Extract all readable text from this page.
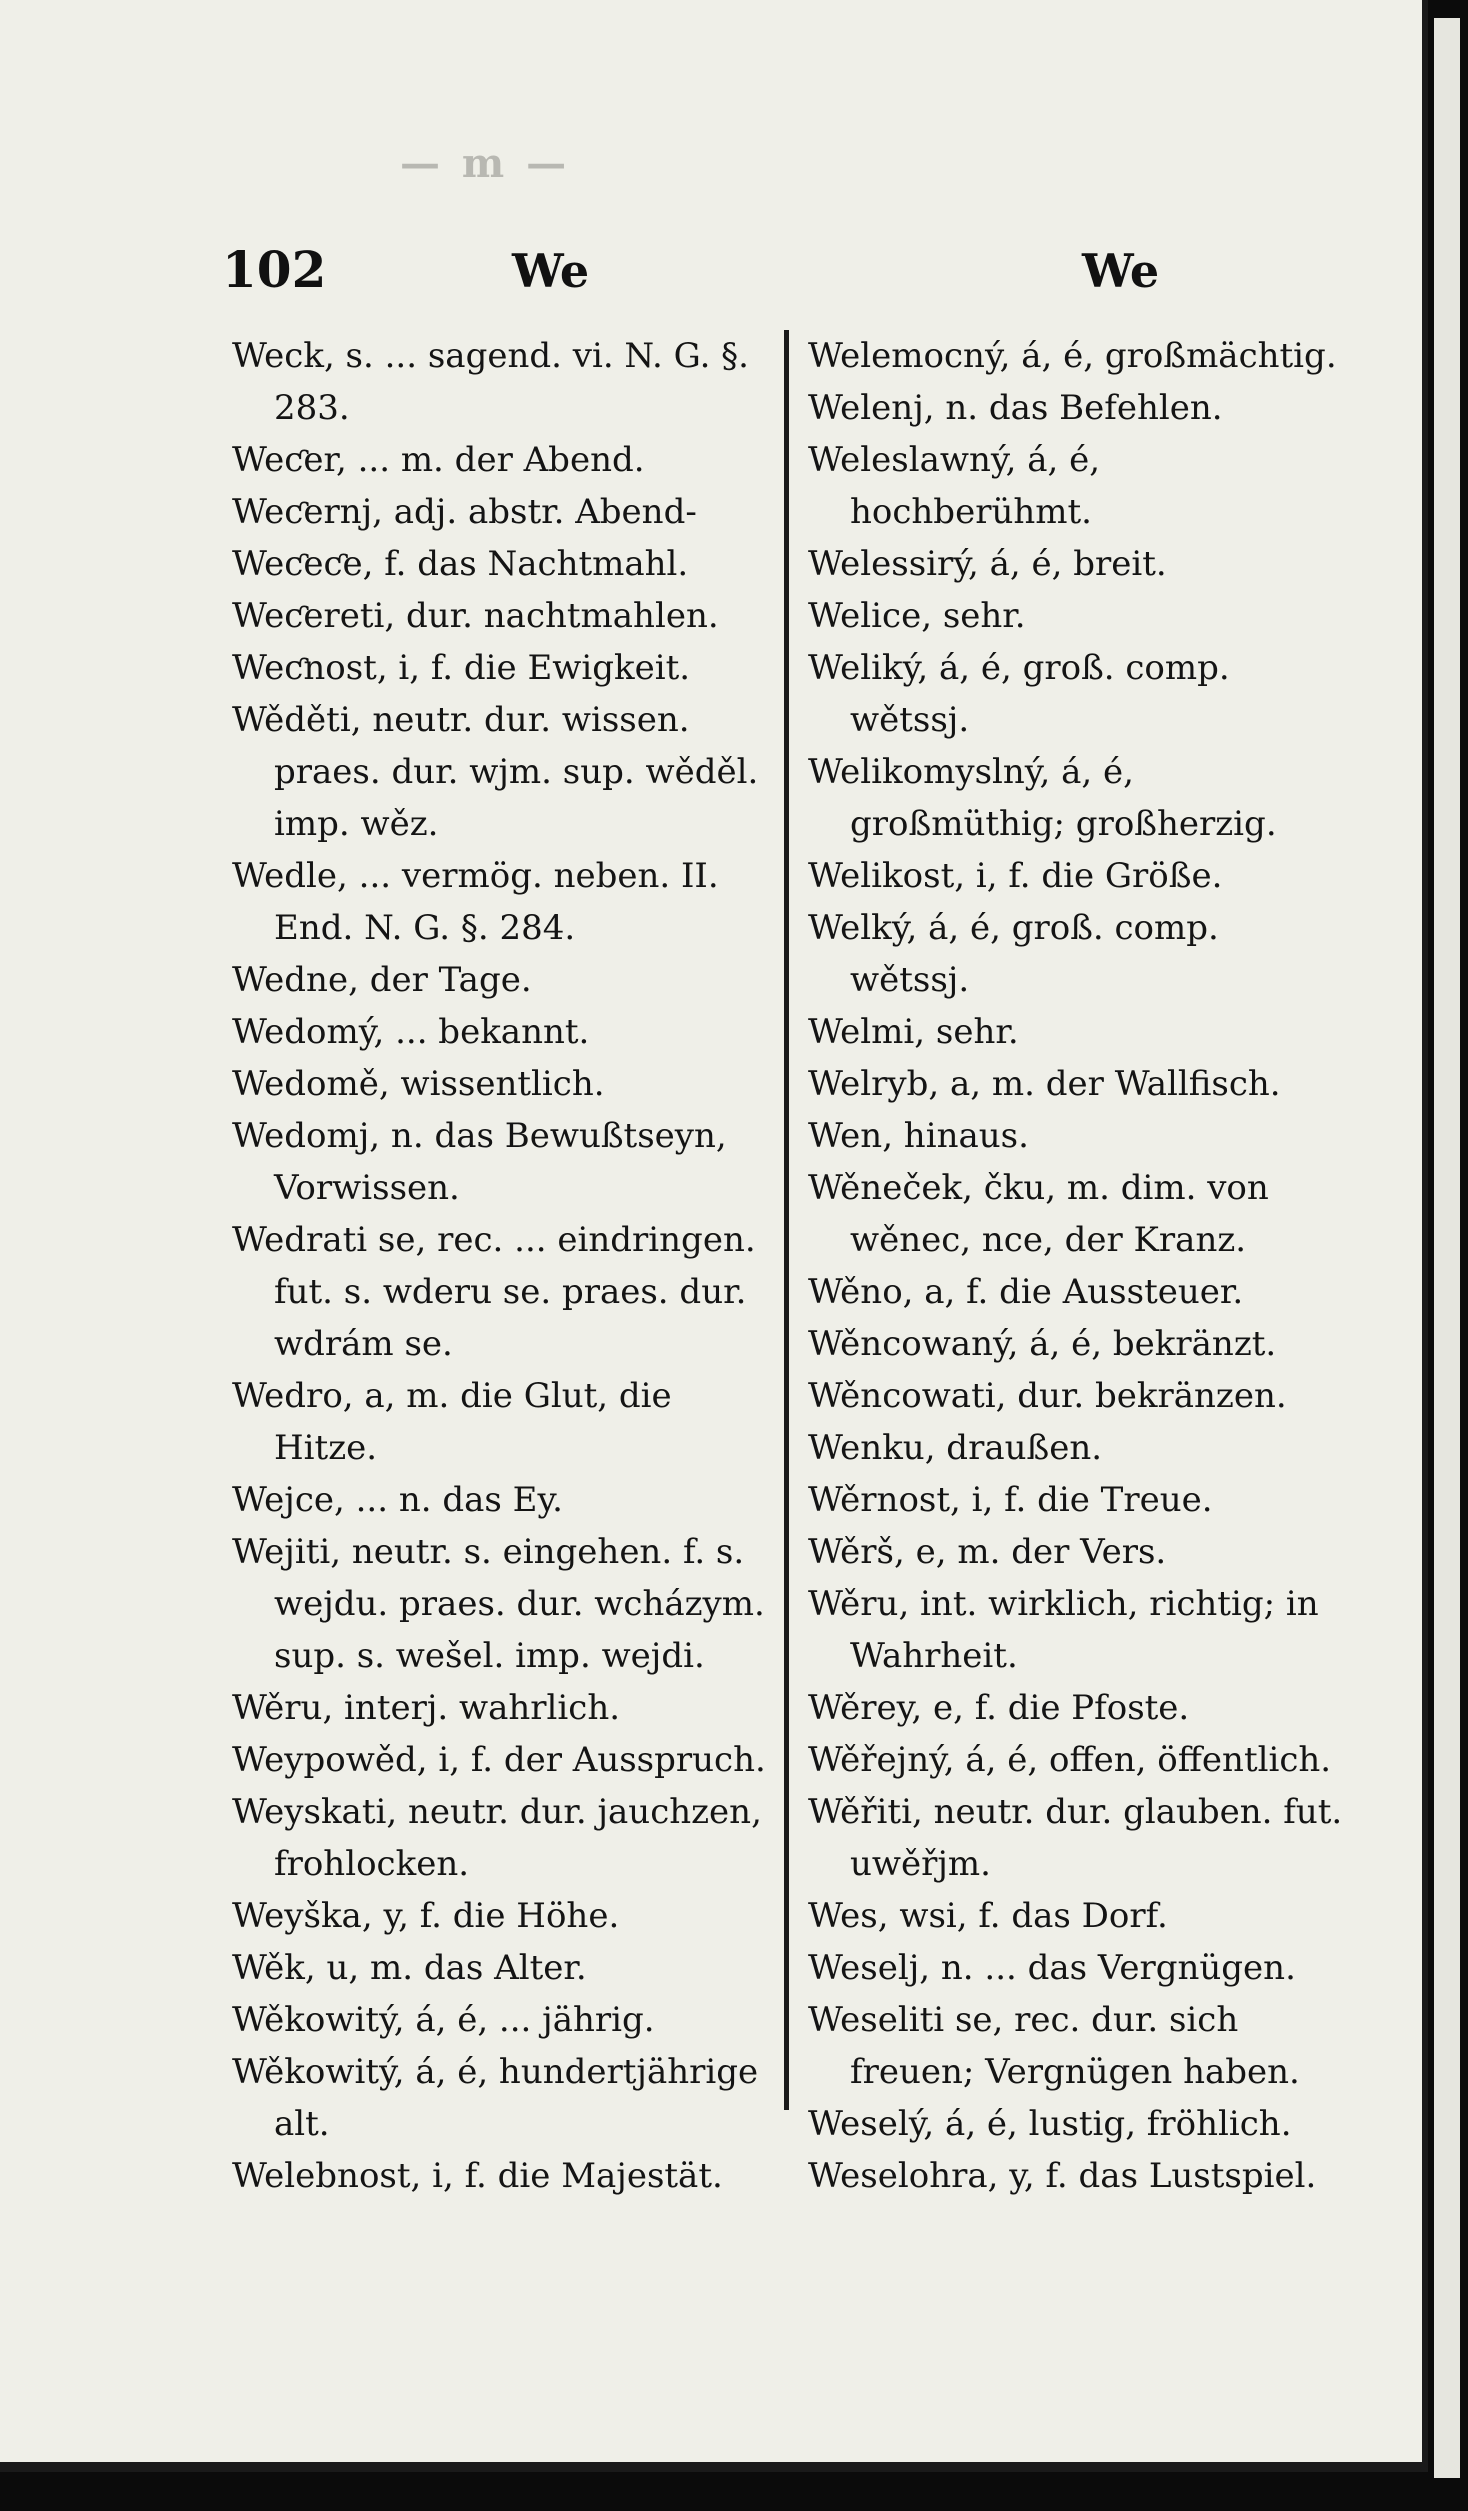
— m —
102	We	We

Weck, s. ... sagend. vi. N. G. §. 283.

Weƈer, ... m. der Abend.

Weƈernj, adj. abstr. Abend-

Weƈeƈe, f. das Nachtmahl.

Weƈereti, dur. nachtmahlen.

Weƈnost, i, f. die Ewigkeit.

Wěděti, neutr. dur. wissen. praes. dur. wjm. sup. wěděl. imp. wěz.

Wedle, ... vermög. neben. II. End. N. G. §. 284.

Wedne, der Tage.

Wedomý, ... bekannt.

Wedomě, wissentlich.

Wedomj, n. das Bewußtseyn, Vorwissen.

Wedrati se, rec. ... eindringen. fut. s. wderu se. praes. dur. wdrám se.

Wedro, a, m. die Glut, die Hitze.

Wejce, ... n. das Ey.

Wejiti, neutr. s. eingehen. f. s. wejdu. praes. dur. wcházym. sup. s. wešel. imp. wejdi.

Wěru, interj. wahrlich.

Weypowěd, i, f. der Ausspruch.

Weyskati, neutr. dur. jauchzen, frohlocken.

Weyška, y, f. die Höhe.

Wěk, u, m. das Alter.

Wěkowitý, á, é, ... jährig.

Wěkowitý, á, é, hundertjährige alt.

Welebnost, i, f. die Majestät.

Welemocný, á, é, großmächtig.

Welenj, n. das Befehlen.

Weleslawný, á, é, hochberühmt.

Welessirý, á, é, breit.

Welice, sehr.

Weliký, á, é, groß. comp. wětssj.

Welikomyslný, á, é, großmüthig; großherzig.

Welikost, i, f. die Größe.

Welký, á, é, groß. comp. wětssj.

Welmi, sehr.

Welryb, a, m. der Wallfisch.

Wen, hinaus.

Wěneček, čku, m. dim. von wěnec, nce, der Kranz.

Wěno, a, f. die Aussteuer.

Wěncowaný, á, é, bekränzt.

Wěncowati, dur. bekränzen.

Wenku, draußen.

Wěrnost, i, f. die Treue.

Wěrš, e, m. der Vers.

Wěru, int. wirklich, richtig; in Wahrheit.

Wěrey, e, f. die Pfoste.

Wěřejný, á, é, offen, öffentlich.

Wěřiti, neutr. dur. glauben. fut. uwěřjm.

Wes, wsi, f. das Dorf.

Weselj, n. ... das Vergnügen.

Weseliti se, rec. dur. sich freuen; Vergnügen haben.

Weselý, á, é, lustig, fröhlich.

Weselohra, y, f. das Lustspiel.
